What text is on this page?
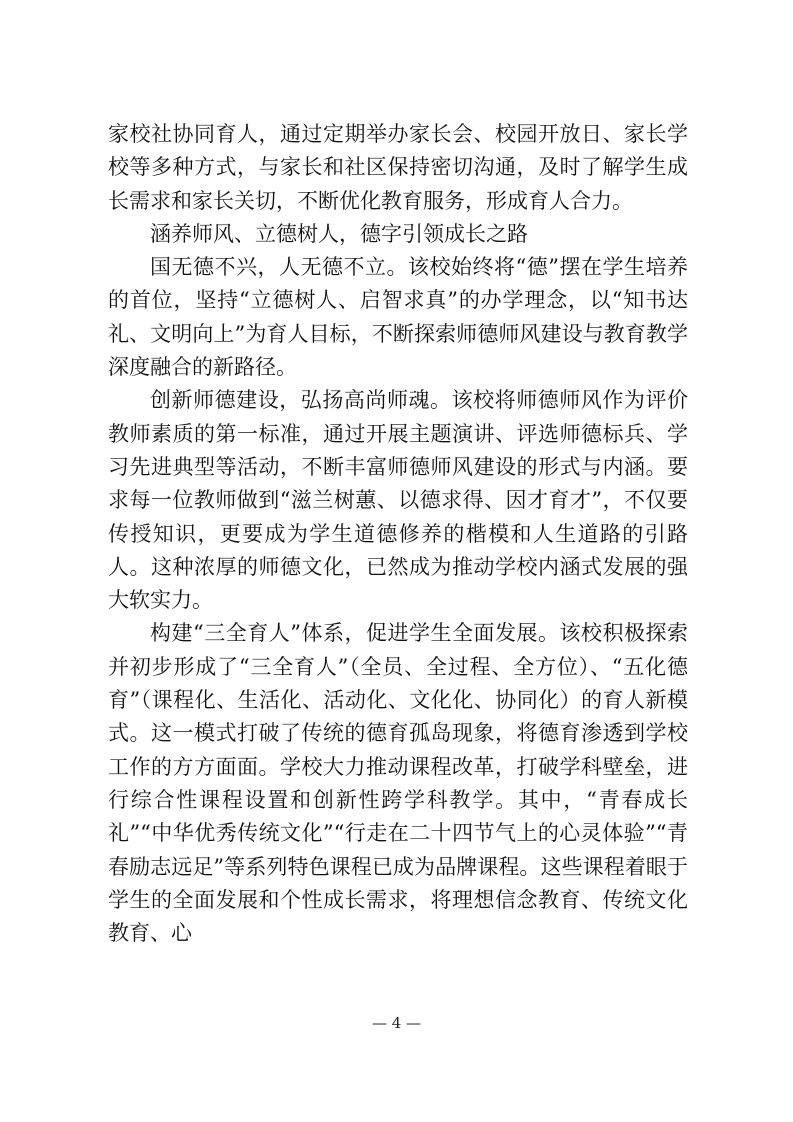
家校社协同育人，通过定期举办家长会、校园开放日、家长学校等多种方式，与家长和社区保持密切沟通，及时了解学生成长需求和家长关切，不断优化教育服务，形成育人合力。

涵养师风、立德树人，德字引领成长之路

国无德不兴，人无德不立。该校始终将“德”摆在学生培养的首位，坚持“立德树人、启智求真”的办学理念，以“知书达礼、文明向上”为育人目标，不断探索师德师风建设与教育教学深度融合的新路径。

创新师德建设，弘扬高尚师魂。该校将师德师风作为评价教师素质的第一标准，通过开展主题演讲、评选师德标兵、学习先进典型等活动，不断丰富师德师风建设的形式与内涵。要求每一位教师做到“滋兰树蕙、以德求得、因才育才”，不仅要传授知识，更要成为学生道德修养的楷模和人生道路的引路人。这种浓厚的师德文化，已然成为推动学校内涵式发展的强大软实力。

构建“三全育人”体系，促进学生全面发展。该校积极探索并初步形成了“三全育人”（全员、全过程、全方位）、“五化德育”（课程化、生活化、活动化、文化化、协同化）的育人新模式。这一模式打破了传统的德育孤岛现象，将德育渗透到学校工作的方方面面。学校大力推动课程改革，打破学科壁垒，进行综合性课程设置和创新性跨学科教学。其中，“青春成长礼”“中华优秀传统文化”“行走在二十四节气上的心灵体验”“青春励志远足”等系列特色课程已成为品牌课程。这些课程着眼于学生的全面发展和个性成长需求，将理想信念教育、传统文化教育、心

— 4 —
